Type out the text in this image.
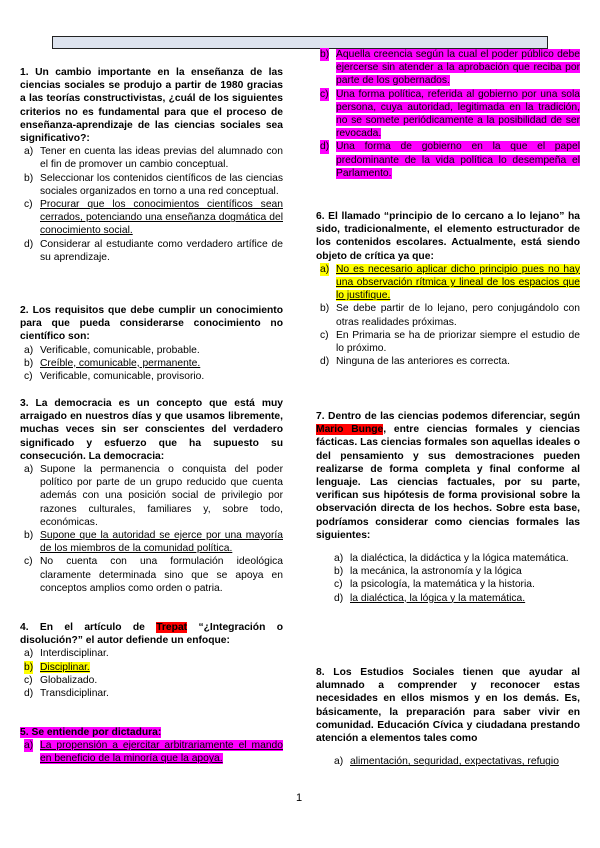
1. Un cambio importante en la enseñanza de las ciencias sociales se produjo a partir de 1980 gracias a las teorías constructivistas, ¿cuál de los siguientes criterios no es fundamental para que el proceso de enseñanza-aprendizaje de las ciencias sociales sea significativo?:

a) Tener en cuenta las ideas previas del alumnado con el fin de promover un cambio conceptual.
b) Seleccionar los contenidos científicos de las ciencias sociales organizados en torno a una red conceptual.
c) Procurar que los conocimientos científicos sean cerrados, potenciando una enseñanza dogmática del conocimiento social.
d) Considerar al estudiante como verdadero artífice de su aprendizaje.

2. Los requisitos que debe cumplir un conocimiento para que pueda considerarse conocimiento no científico son:

a) Verificable, comunicable, probable.
b) Creíble, comunicable, permanente.
c) Verificable, comunicable, provisorio.

3. La democracia es un concepto que está muy arraigado en nuestros días y que usamos libremente, muchas veces sin ser conscientes del verdadero significado y esfuerzo que ha supuesto su consecución. La democracia:

a) Supone la permanencia o conquista del poder político por parte de un grupo reducido que cuenta además con una posición social de privilegio por razones culturales, familiares y, sobre todo, económicas.
b) Supone que la autoridad se ejerce por una mayoría de los miembros de la comunidad política.
c) No cuenta con una formulación ideológica claramente determinada sino que se apoya en conceptos amplios como orden o patria.

4. En el artículo de Trepat “¿Integración o disolución?” el autor defiende un enfoque:

a) Interdisciplinar.
b) Disciplinar.
c) Globalizado.
d) Transdiciplinar.

5. Se entiende por dictadura:

a) La propensión a ejercitar arbitrariamente el mando en beneficio de la minoría que la apoya.
b) Aquella creencia según la cual el poder público debe ejercerse sin atender a la aprobación que reciba por parte de los gobernados.
c) Una forma política, referida al gobierno por una sola persona, cuya autoridad, legitimada en la tradición, no se somete periódicamente a la posibilidad de ser revocada.
d) Una forma de gobierno en la que el papel predominante de la vida política lo desempeña el Parlamento.

6. El llamado “principio de lo cercano a lo lejano” ha sido, tradicionalmente, el elemento estructurador de los contenidos escolares. Actualmente, está siendo objeto de crítica ya que:

a) No es necesario aplicar dicho principio pues no hay una observación rítmica y lineal de los espacios que lo justifique.
b) Se debe partir de lo lejano, pero conjugándolo con otras realidades próximas.
c) En Primaria se ha de priorizar siempre el estudio de lo próximo.
d) Ninguna de las anteriores es correcta.

7. Dentro de las ciencias podemos diferenciar, según Mario Bunge, entre ciencias formales y ciencias fácticas. Las ciencias formales son aquellas ideales o del pensamiento y sus demostraciones pueden realizarse de forma completa y final conforme al lenguaje. Las ciencias factuales, por su parte, verifican sus hipótesis de forma provisional sobre la observación directa de los hechos. Sobre esta base, podríamos considerar como ciencias formales las siguientes:

a) la dialéctica, la didáctica y la lógica matemática.
b) la mecánica, la astronomía y la lógica
c) la psicología, la matemática y la historia.
d) la dialéctica, la lógica y la matemática.

8. Los Estudios Sociales tienen que ayudar al alumnado a comprender y reconocer estas necesidades en ellos mismos y en los demás. Es, básicamente, la preparación para saber vivir en comunidad. Educación Cívica y ciudadana prestando atención a elementos tales como

a) alimentación, seguridad, expectativas, refugio
1
